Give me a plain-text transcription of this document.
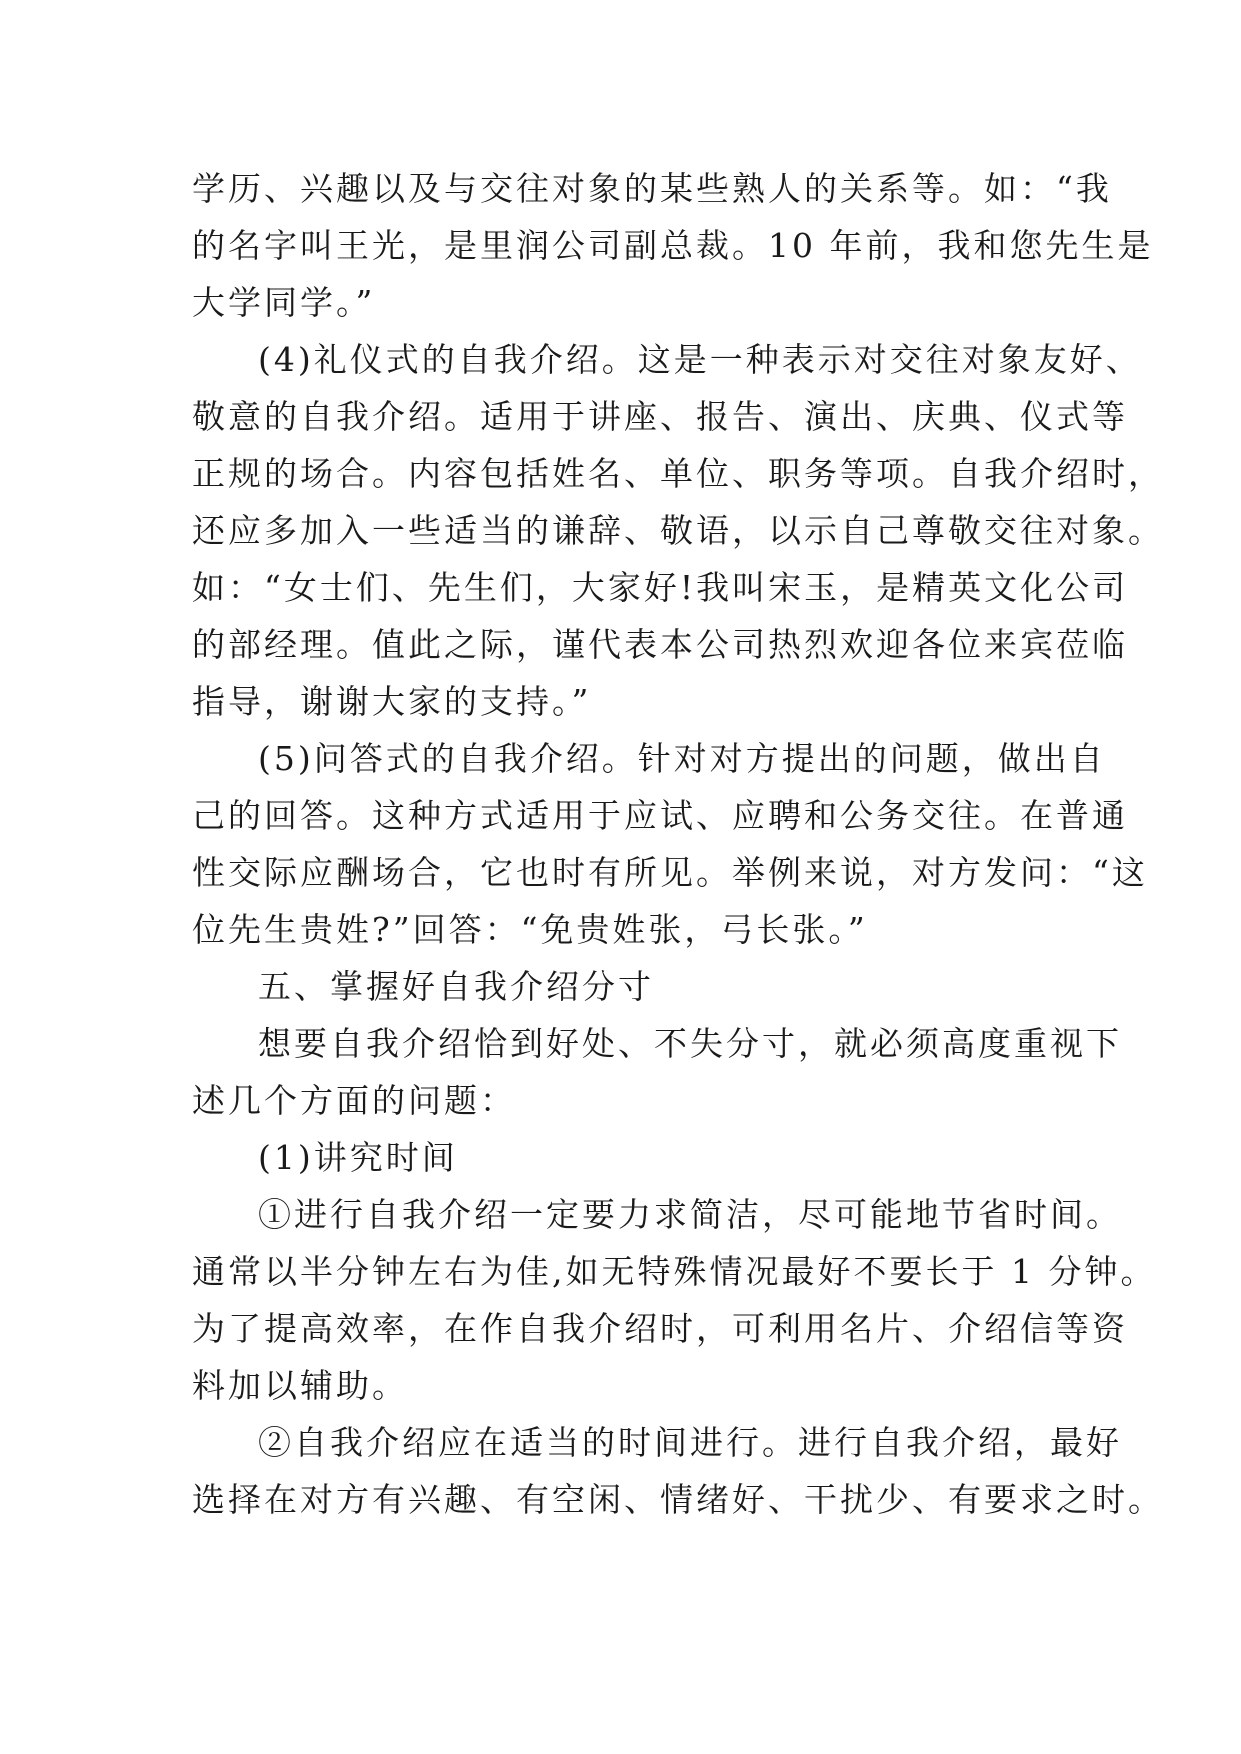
学历、兴趣以及与交往对象的某些熟人的关系等。如：“我
的名字叫王光，是里润公司副总裁。10 年前，我和您先生是
大学同学。”
(4)礼仪式的自我介绍。这是一种表示对交往对象友好、
敬意的自我介绍。适用于讲座、报告、演出、庆典、仪式等
正规的场合。内容包括姓名、单位、职务等项。自我介绍时，
还应多加入一些适当的谦辞、敬语，以示自己尊敬交往对象。
如：“女士们、先生们，大家好!我叫宋玉，是精英文化公司
的部经理。值此之际，谨代表本公司热烈欢迎各位来宾莅临
指导，谢谢大家的支持。”
(5)问答式的自我介绍。针对对方提出的问题，做出自
己的回答。这种方式适用于应试、应聘和公务交往。在普通
性交际应酬场合，它也时有所见。举例来说，对方发问：“这
位先生贵姓?”回答：“免贵姓张，弓长张。”
五、掌握好自我介绍分寸
想要自我介绍恰到好处、不失分寸，就必须高度重视下
述几个方面的问题：
(1)讲究时间
①进行自我介绍一定要力求简洁，尽可能地节省时间。
通常以半分钟左右为佳,如无特殊情况最好不要长于 1 分钟。
为了提高效率，在作自我介绍时，可利用名片、介绍信等资
料加以辅助。
②自我介绍应在适当的时间进行。进行自我介绍，最好
选择在对方有兴趣、有空闲、情绪好、干扰少、有要求之时。
